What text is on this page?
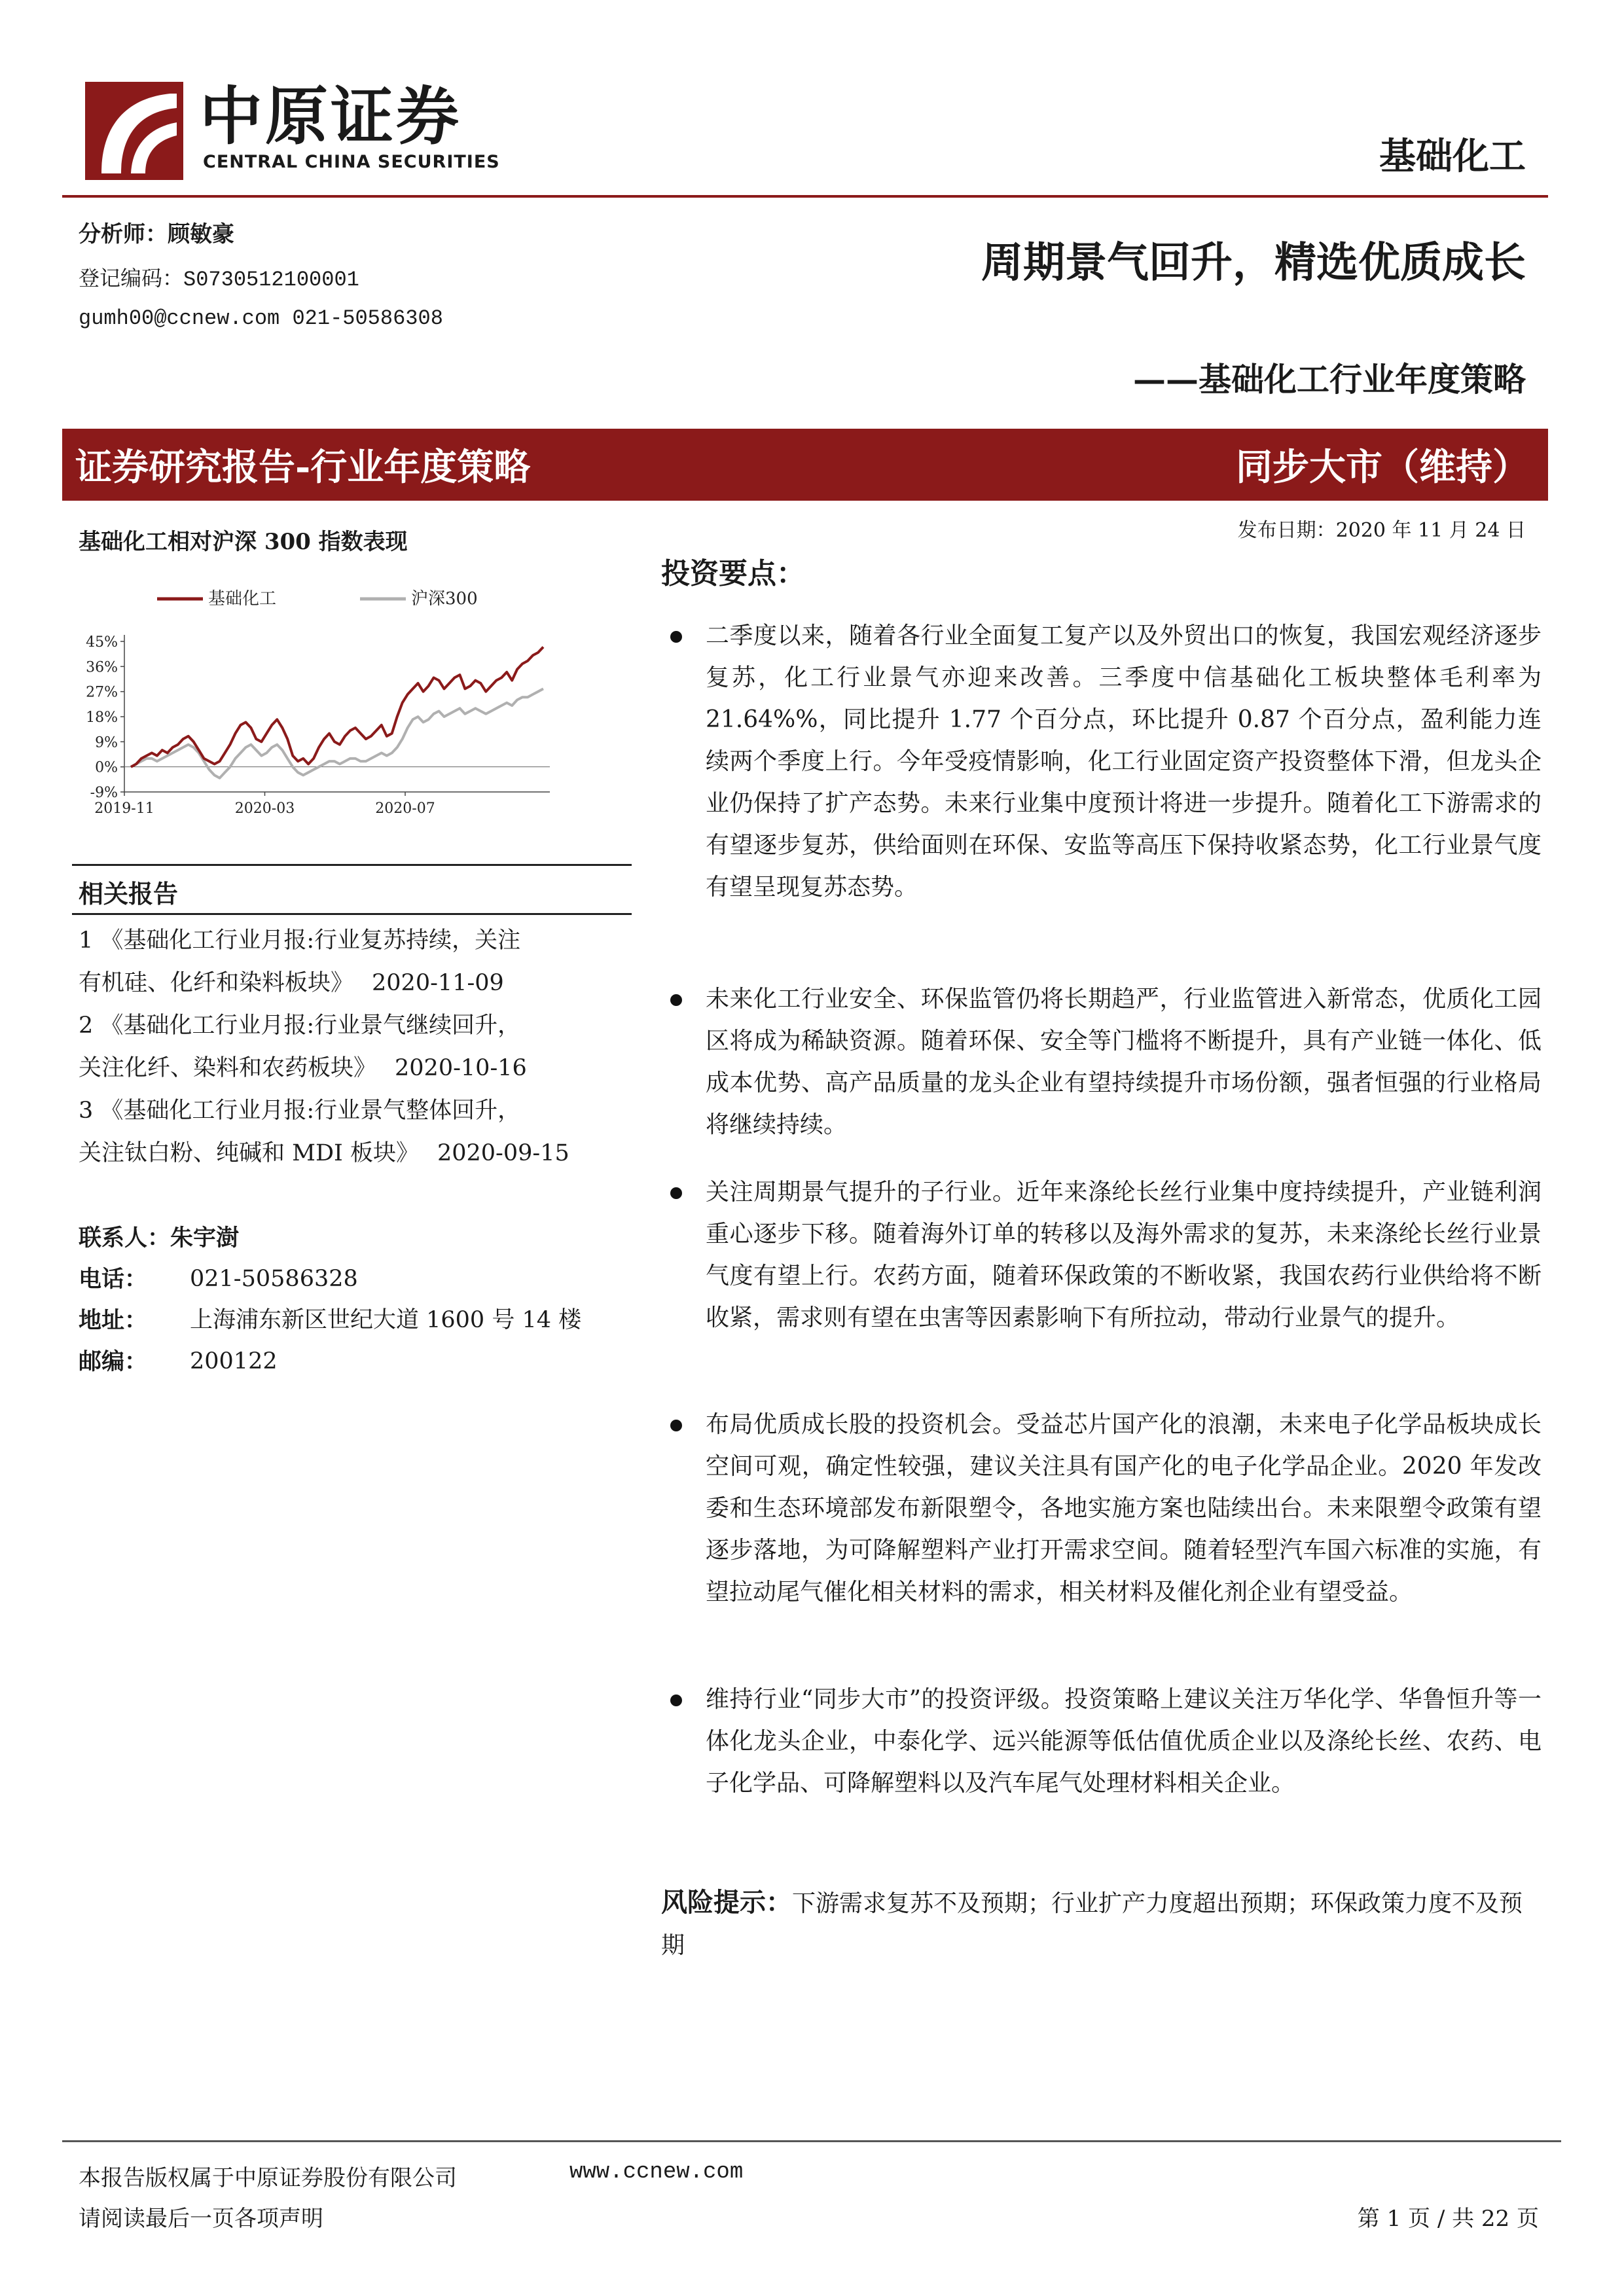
中原证券
CENTRAL CHINA SECURITIES	基础化工
分析师：顾敏豪
登记编码：S0730512100001
gumh00@ccnew.com 021-50586308
周期景气回升，精选优质成长
——基础化工行业年度策略
证券研究报告-行业年度策略	同步大市（维持）
基础化工相对沪深 300 指数表现	发布日期：2020 年 11 月 24 日
基础化工	沪深300
45%
36%
27%
18%
9%
0%
-9%
2019-11	2020-03	2020-07
相关报告
1 《基础化工行业月报:行业复苏持续，关注
有机硅、化纤和染料板块》 2020-11-09
2 《基础化工行业月报:行业景气继续回升，
关注化纤、染料和农药板块》 2020-10-16
3 《基础化工行业月报:行业景气整体回升，
关注钛白粉、纯碱和 MDI 板块》 2020-09-15
联系人：朱宇澍
电话：	021-50586328
地址：	上海浦东新区世纪大道 1600 号 14 楼
邮编：	200122
投资要点：
二季度以来，随着各行业全面复工复产以及外贸出口的恢复，我国宏观经济逐步复苏，化工行业景气亦迎来改善。三季度中信基础化工板块整体毛利率为 21.64%%，同比提升 1.77 个百分点，环比提升 0.87 个百分点，盈利能力连续两个季度上行。今年受疫情影响，化工行业固定资产投资整体下滑，但龙头企业仍保持了扩产态势。未来行业集中度预计将进一步提升。随着化工下游需求的有望逐步复苏，供给面则在环保、安监等高压下保持收紧态势，化工行业景气度有望呈现复苏态势。
未来化工行业安全、环保监管仍将长期趋严，行业监管进入新常态，优质化工园区将成为稀缺资源。随着环保、安全等门槛将不断提升，具有产业链一体化、低成本优势、高产品质量的龙头企业有望持续提升市场份额，强者恒强的行业格局将继续持续。
关注周期景气提升的子行业。近年来涤纶长丝行业集中度持续提升，产业链利润重心逐步下移。随着海外订单的转移以及海外需求的复苏，未来涤纶长丝行业景气度有望上行。农药方面，随着环保政策的不断收紧，我国农药行业供给将不断收紧，需求则有望在虫害等因素影响下有所拉动，带动行业景气的提升。
布局优质成长股的投资机会。受益芯片国产化的浪潮，未来电子化学品板块成长空间可观，确定性较强，建议关注具有国产化的电子化学品企业。2020 年发改委和生态环境部发布新限塑令，各地实施方案也陆续出台。未来限塑令政策有望逐步落地，为可降解塑料产业打开需求空间。随着轻型汽车国六标准的实施，有望拉动尾气催化相关材料的需求，相关材料及催化剂企业有望受益。
维持行业“同步大市”的投资评级。投资策略上建议关注万华化学、华鲁恒升等一体化龙头企业，中泰化学、远兴能源等低估值优质企业以及涤纶长丝、农药、电子化学品、可降解塑料以及汽车尾气处理材料相关企业。
风险提示：下游需求复苏不及预期；行业扩产力度超出预期；环保政策力度不及预期
本报告版权属于中原证券股份有限公司	www.ccnew.com
请阅读最后一页各项声明	第 1 页 / 共 22 页
